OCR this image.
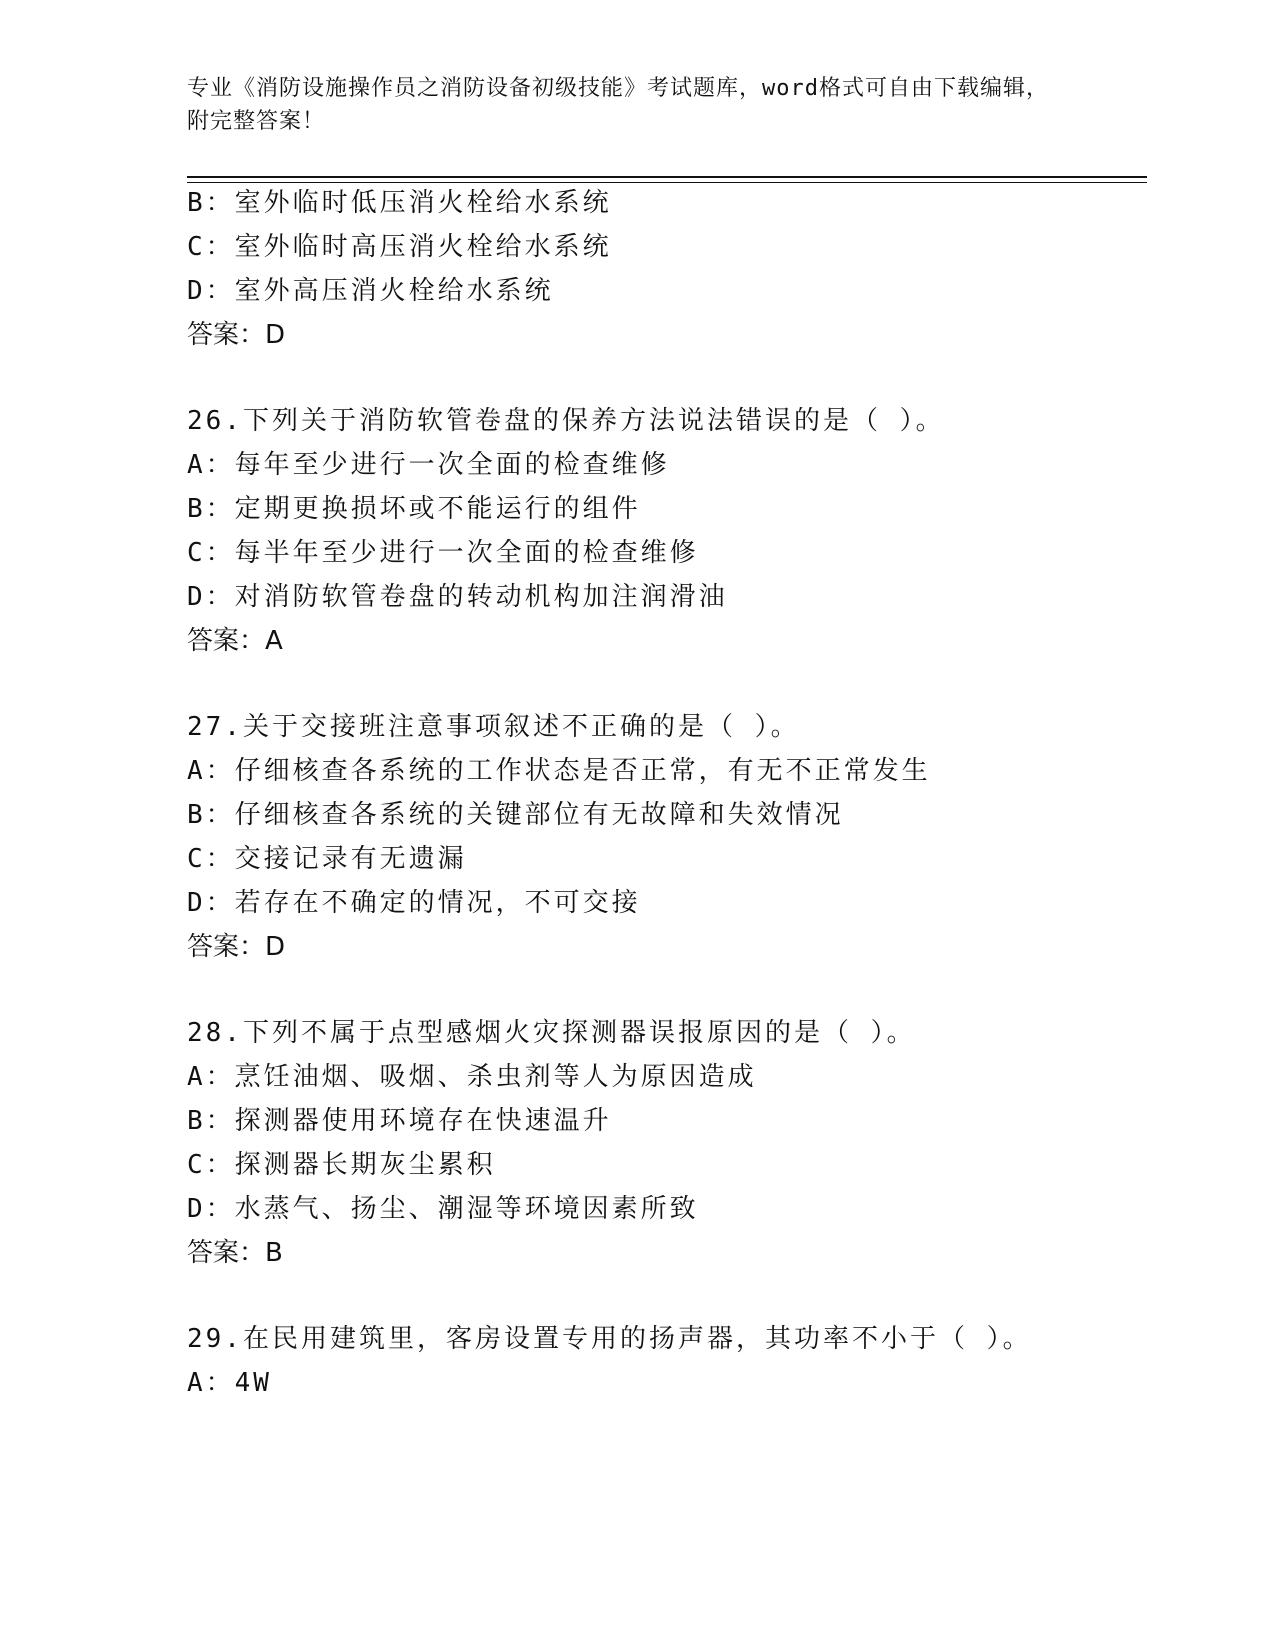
专业《消防设施操作员之消防设备初级技能》考试题库，word格式可自由下载编辑，附完整答案！
B：室外临时低压消火栓给水系统
C：室外临时高压消火栓给水系统
D：室外高压消火栓给水系统
答案：D
26.下列关于消防软管卷盘的保养方法说法错误的是（ ）。
A：每年至少进行一次全面的检查维修
B：定期更换损坏或不能运行的组件
C：每半年至少进行一次全面的检查维修
D：对消防软管卷盘的转动机构加注润滑油
答案：A
27.关于交接班注意事项叙述不正确的是（ ）。
A：仔细核查各系统的工作状态是否正常，有无不正常发生
B：仔细核查各系统的关键部位有无故障和失效情况
C：交接记录有无遗漏
D：若存在不确定的情况，不可交接
答案：D
28.下列不属于点型感烟火灾探测器误报原因的是（ ）。
A：烹饪油烟、吸烟、杀虫剂等人为原因造成
B：探测器使用环境存在快速温升
C：探测器长期灰尘累积
D：水蒸气、扬尘、潮湿等环境因素所致
答案：B
29.在民用建筑里，客房设置专用的扬声器，其功率不小于（ ）。
A：4W
